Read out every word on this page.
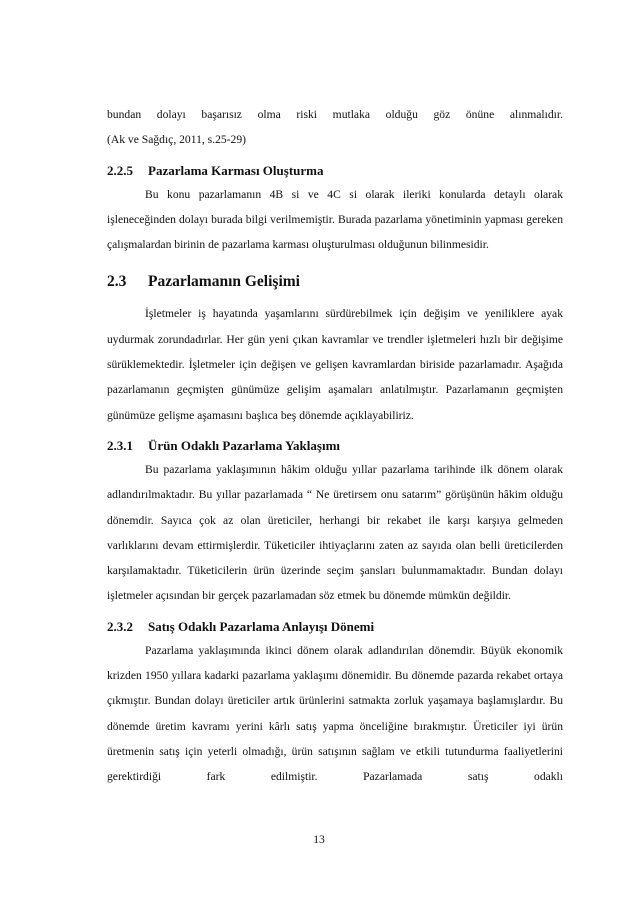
bundan dolayı başarısız olma riski mutlaka olduğu göz önüne alınmalıdır.

(Ak ve Sağdıç, 2011, s.25-29)

2.2.5 Pazarlama Karması Oluşturma

Bu konu pazarlamanın 4B si ve 4C si olarak ileriki konularda detaylı olarak işleneceğinden dolayı burada bilgi verilmemiştir. Burada pazarlama yönetiminin yapması gereken çalışmalardan birinin de pazarlama karması oluşturulması olduğunun bilinmesidir.

2.3 Pazarlamanın Gelişimi

İşletmeler iş hayatında yaşamlarını sürdürebilmek için değişim ve yeniliklere ayak uydurmak zorundadırlar. Her gün yeni çıkan kavramlar ve trendler işletmeleri hızlı bir değişime sürüklemektedir. İşletmeler için değişen ve gelişen kavramlardan biriside pazarlamadır. Aşağıda pazarlamanın geçmişten günümüze gelişim aşamaları anlatılmıştır. Pazarlamanın geçmişten günümüze gelişme aşamasını başlıca beş dönemde açıklayabiliriz.

2.3.1 Ürün Odaklı Pazarlama Yaklaşımı

Bu pazarlama yaklaşımının hâkim olduğu yıllar pazarlama tarihinde ilk dönem olarak adlandırılmaktadır. Bu yıllar pazarlamada “ Ne üretirsem onu satarım” görüşünün hâkim olduğu dönemdir. Sayıca çok az olan üreticiler, herhangi bir rekabet ile karşı karşıya gelmeden varlıklarını devam ettirmişlerdir. Tüketiciler ihtiyaçlarını zaten az sayıda olan belli üreticilerden karşılamaktadır. Tüketicilerin ürün üzerinde seçim şansları bulunmamaktadır. Bundan dolayı işletmeler açısından bir gerçek pazarlamadan söz etmek bu dönemde mümkün değildir.

2.3.2 Satış Odaklı Pazarlama Anlayışı Dönemi

Pazarlama yaklaşımında ikinci dönem olarak adlandırılan dönemdir. Büyük ekonomik krizden 1950 yıllara kadarki pazarlama yaklaşımı dönemidir. Bu dönemde pazarda rekabet ortaya çıkmıştır. Bundan dolayı üreticiler artık ürünlerini satmakta zorluk yaşamaya başlamışlardır. Bu dönemde üretim kavramı yerini kârlı satış yapma önceliğine bırakmıştır. Üreticiler iyi ürün üretmenin satış için yeterli olmadığı, ürün satışının sağlam ve etkili tutundurma faaliyetlerini gerektirdiği fark edilmiştir. Pazarlamada satış odaklı

13
